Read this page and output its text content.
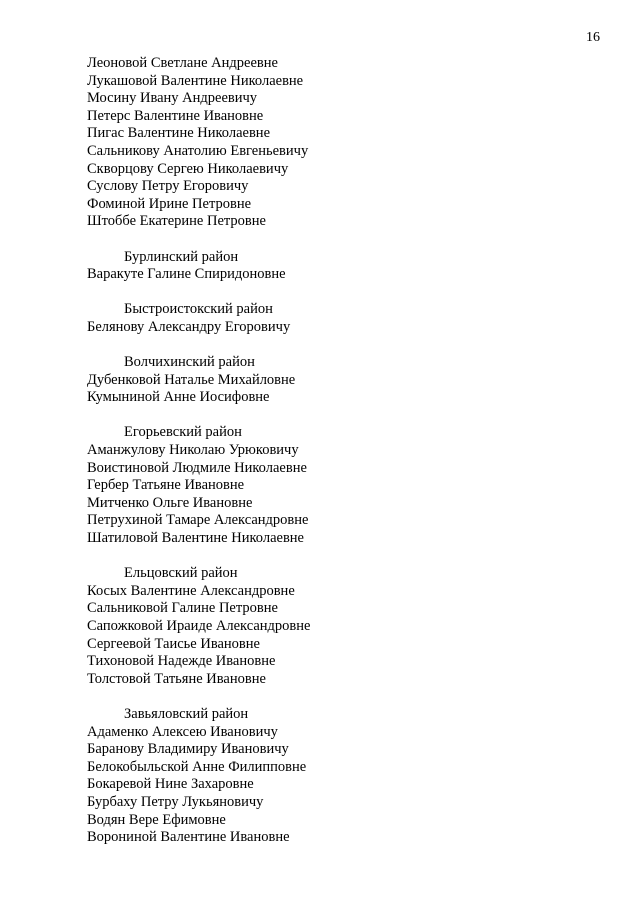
16
Леоновой Светлане Андреевне
Лукашовой Валентине Николаевне
Мосину Ивану Андреевичу
Петерс Валентине Ивановне
Пигас Валентине Николаевне
Сальникову Анатолию Евгеньевичу
Скворцову Сергею Николаевичу
Суслову Петру Егоровичу
Фоминой Ирине Петровне
Штоббе Екатерине Петровне
Бурлинский район
Варакуте Галине Спиридоновне
Быстроистокский район
Белянову Александру Егоровичу
Волчихинский район
Дубенковой Наталье Михайловне
Кумыниной Анне Иосифовне
Егорьевский район
Аманжулову Николаю Урюковичу
Воистиновой Людмиле Николаевне
Гербер Татьяне Ивановне
Митченко Ольге Ивановне
Петрухиной Тамаре Александровне
Шатиловой Валентине Николаевне
Ельцовский район
Косых Валентине Александровне
Сальниковой Галине Петровне
Сапожковой Ираиде Александровне
Сергеевой Таисье Ивановне
Тихоновой Надежде Ивановне
Толстовой Татьяне Ивановне
Завьяловский район
Адаменко Алексею Ивановичу
Баранову Владимиру Ивановичу
Белокобыльской Анне Филипповне
Бокаревой Нине Захаровне
Бурбаху Петру Лукьяновичу
Водян Вере Ефимовне
Ворониной Валентине Ивановне
